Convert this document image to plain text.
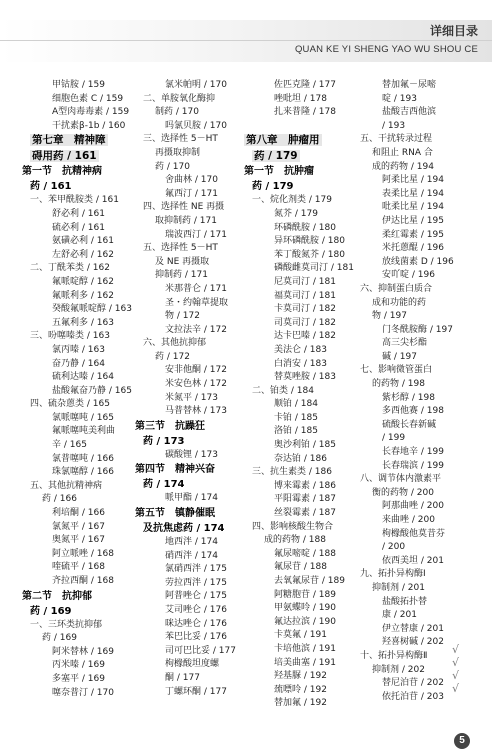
详细目录
QUAN KE YI SHENG YAO WU SHOU CE
甲钴胺 / 159
细胞色素 C / 159
A型肉毒毒素 / 159
干扰素β-1b / 160
第七章　精神障
碍用药 / 161
第一节　抗精神病
药 / 161
一、苯甲酰胺类 / 161
舒必利 / 161
硫必利 / 161
氨磺必利 / 161
左舒必利 / 162
二、丁酰苯类 / 162
氟哌啶醇 / 162
氟哌利多 / 162
癸酸氟哌啶醇 / 163
五氟利多 / 163
三、吩噻嗪类 / 163
氯丙嗪 / 163
奋乃静 / 164
硫利达嗪 / 164
盐酸氟奋乃静 / 165
四、硫杂蒽类 / 165
氯哌噻吨 / 165
氟哌噻吨美利曲
辛 / 165
氯普噻吨 / 166
珠氯噻醇 / 166
五、其他抗精神病
药 / 166
利培酮 / 166
氯氮平 / 167
奥氮平 / 167
阿立哌唑 / 168
喹硫平 / 168
齐拉西酮 / 168
第二节　抗抑郁
药 / 169
一、三环类抗抑郁
药 / 169
阿米替林 / 169
丙米嗪 / 169
多塞平 / 169
噻奈普汀 / 170
氯米帕明 / 170
二、单胺氧化酶抑
制药 / 170
吗氯贝胺 / 170
三、选择性 5－HT
再摄取抑制
药 / 170
舍曲林 / 170
氟西汀 / 171
四、选择性 NE 再摄
取抑制药 / 171
瑞波西汀 / 171
五、选择性 5－HT
及 NE 再摄取
抑制药 / 171
米那普仑 / 171
圣・约翰草提取
物 / 172
文拉法辛 / 172
六、其他抗抑郁
药 / 172
安非他酮 / 172
米安色林 / 172
米氮平 / 173
马普替林 / 173
第三节　抗躁狂
药 / 173
碳酸锂 / 173
第四节　精神兴奋
药 / 174
哌甲酯 / 174
第五节　镇静催眠
及抗焦虑药 / 174
地西泮 / 174
硝西泮 / 174
氯硝西泮 / 175
劳拉西泮 / 175
阿普唑仑 / 175
艾司唑仑 / 176
咪达唑仑 / 176
苯巴比妥 / 176
司可巴比妥 / 177
枸橼酸坦度螺
酮 / 177
丁螺环酮 / 177
佐匹克隆 / 177
唑吡坦 / 178
扎来普隆 / 178

第八章　肿瘤用
药 / 179
第一节　抗肿瘤
药 / 179
一、烷化剂类 / 179
氮芥 / 179
环磷酰胺 / 180
异环磷酰胺 / 180
苯丁酸氮芥 / 180
磷酸雌莫司汀 / 181
尼莫司汀 / 181
福莫司汀 / 181
卡莫司汀 / 182
司莫司汀 / 182
达卡巴嗪 / 182
美法仑 / 183
白消安 / 183
替莫唑胺 / 183
二、铂类 / 184
顺铂 / 184
卡铂 / 185
洛铂 / 185
奥沙利铂 / 185
奈达铂 / 186
三、抗生素类 / 186
博来霉素 / 186
平阳霉素 / 187
丝裂霉素 / 187
四、影响核酸生物合
成的药物 / 188
氟尿嘧啶 / 188
氟尿苷 / 188
去氧氟尿苷 / 189
阿糖胞苷 / 189
甲氨蝶呤 / 190
氟达拉滨 / 190
卡莫氟 / 191
卡培他滨 / 191
培美曲塞 / 191
羟基脲 / 192
巯嘌呤 / 192
替加氟 / 192
替加氟－尿嘧
啶 / 193
盐酸吉西他滨
/ 193
五、干扰转录过程
和阻止 RNA 合
成的药物 / 194
阿柔比星 / 194
表柔比星 / 194
吡柔比星 / 194
伊达比星 / 195
柔红霉素 / 195
米托蒽醌 / 196
放线菌素 D / 196
安吖啶 / 196
六、抑制蛋白质合
成和功能的药
物 / 197
门冬酰胺酶 / 197
高三尖杉酯
碱 / 197
七、影响微管蛋白
的药物 / 198
紫杉醇 / 198
多西他赛 / 198
硫酸长春新碱
/ 199
长春地辛 / 199
长春瑞滨 / 199
八、调节体内激素平
衡的药物 / 200
阿那曲唑 / 200
来曲唑 / 200
枸橼酸他莫昔芬
/ 200
依西美坦 / 201
九、拓扑异构酶Ⅰ
抑制剂 / 201
盐酸拓扑替
康 / 201
伊立替康 / 201
羟喜树碱 / 202
十、拓扑异构酶Ⅱ
抑制剂 / 202
替尼泊苷 / 202
依托泊苷 / 203
√
√
√
√
5
